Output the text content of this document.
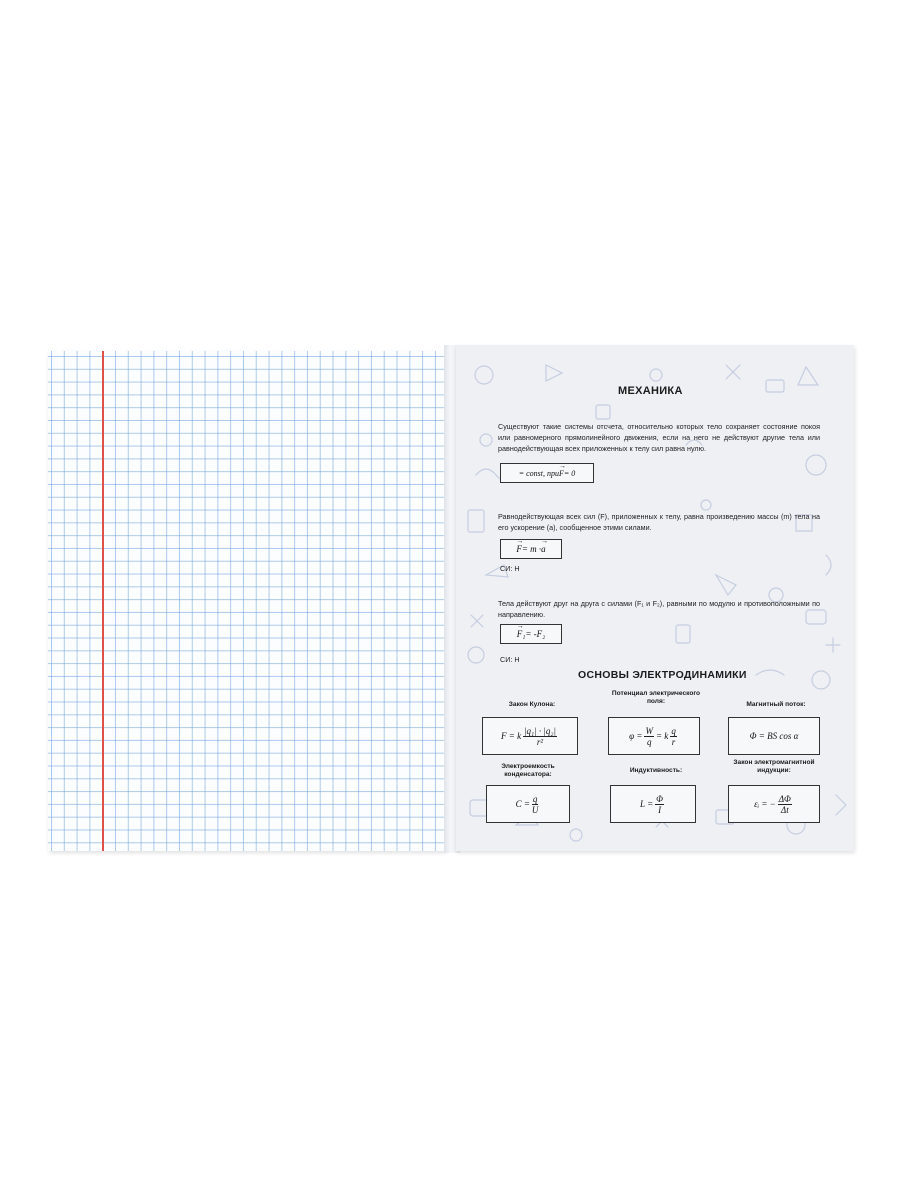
МЕХАНИКА
Существуют такие системы отсчета, относительно которых тело сохраняет состояние покоя или равномерного прямолинейного движения, если на него не действуют другие тела или равнодействующая всех приложенных к телу сил равна нулю.
= const, при → F = 0
Равнодействующая всех сил (F), приложенных к телу, равна произведению массы (m) тела на его ускорение (a), сообщенное этими силами.
→ F = m · → a
СИ: Н
Тела действуют друг на друга с силами (F₁ и F₂), равными по модулю и противоположными по направлению.
→ F ₁ = -F ₂
СИ: Н
ОСНОВЫ ЭЛЕКТРОДИНАМИКИ
Закон Кулона:
F = k $\frac{\text{|q₁| · |q₂|}}{\text{r²}}$
Потенциал электрического поля:
$\varphi = \frac{W}{q} = k \frac{q}{r}$
Магнитный поток:
Φ = BS cos α
Электроемкость конденсатора:
$C = \frac{q}{U}$
Индуктивность:
$L = \frac{\Phi}{I}$
Закон электромагнитной индукции:
εᵢ = − $\frac{\Delta\Phi}{\Delta t}$
